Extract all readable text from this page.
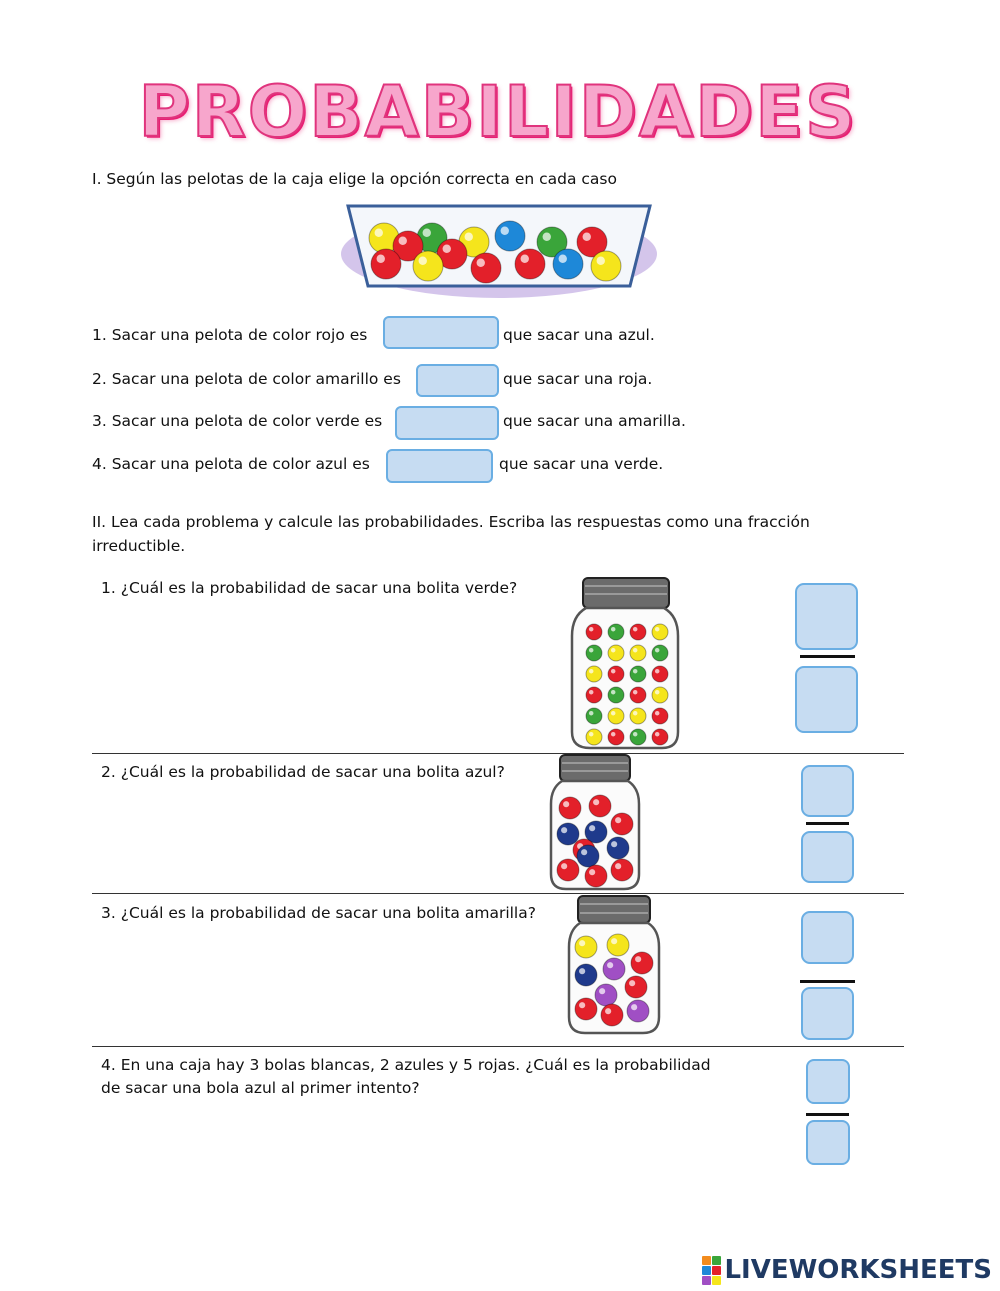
PROBABILIDADES
I. Según las pelotas de la caja elige la opción correcta en cada caso
1. Sacar una pelota de color rojo es	que sacar una azul.
2. Sacar una pelota de color amarillo es	que sacar una roja.
3. Sacar una pelota de color verde es	que sacar una amarilla.
4. Sacar una pelota de color azul es	que sacar una verde.
II. Lea cada problema y calcule las probabilidades. Escriba las respuestas como una fracción
irreductible.
1. ¿Cuál es la probabilidad de sacar una bolita verde?
2. ¿Cuál es la probabilidad de sacar una bolita azul?
3. ¿Cuál es la probabilidad de sacar una bolita amarilla?
4. En una caja hay 3 bolas blancas, 2 azules y 5 rojas. ¿Cuál es la probabilidad
de sacar una bola azul al primer intento?
LIVEWORKSHEETS
